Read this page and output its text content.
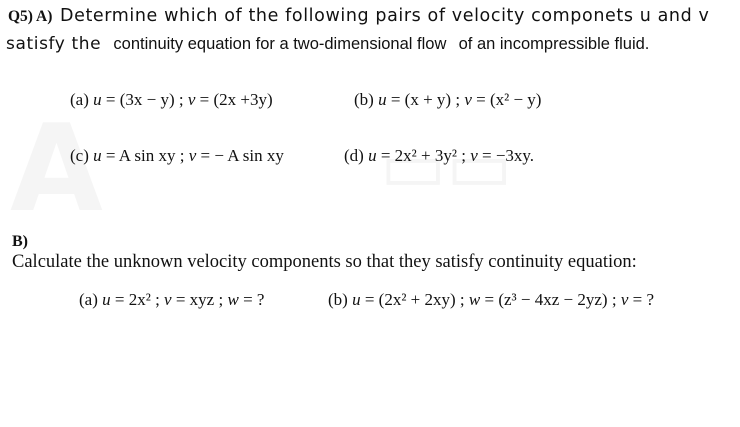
Q5) A) Determine which of the following pairs of velocity componets u and v
satisfy the continuity equation for a two-dimensional flow of an incompressible fluid.
(a) u = (3x − y) ; v = (2x +3y)	(b) u = (x + y) ; v = (x² − y)
(c) u = A sin xy ; v = − A sin xy	(d) u = 2x² + 3y² ; v = −3xy.
B)
Calculate the unknown velocity components so that they satisfy continuity equation:
(a) u = 2x² ; v = xyz ; w = ?	(b) u = (2x² + 2xy) ; w = (z³ − 4xz − 2yz) ; v = ?
